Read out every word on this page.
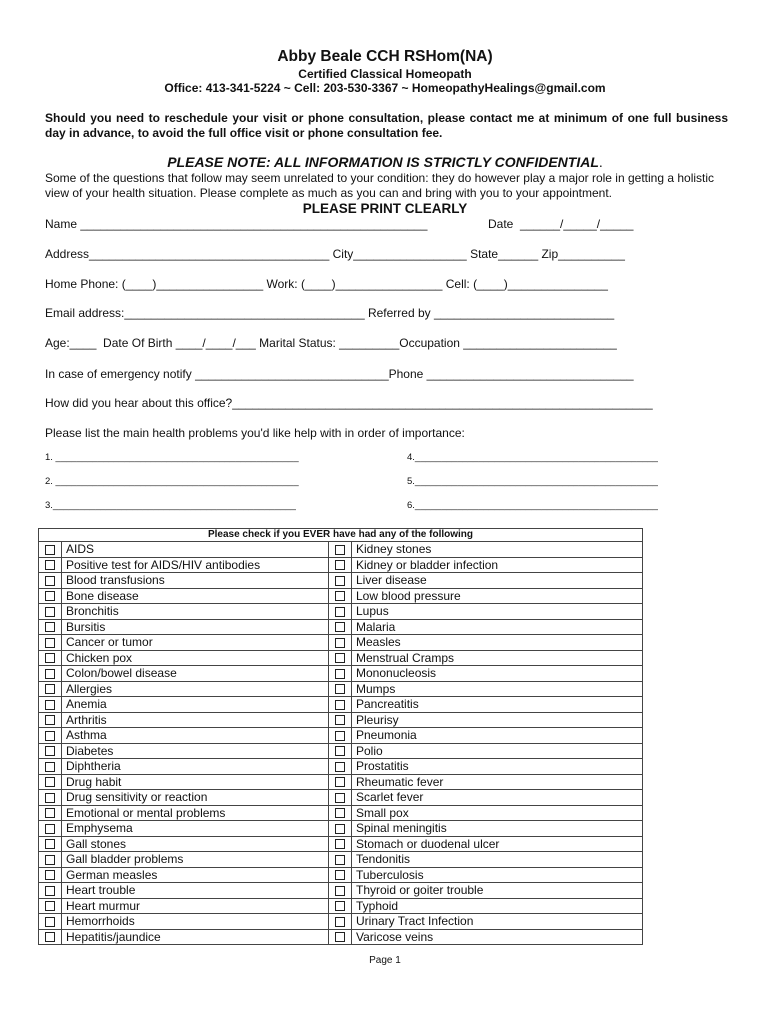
Abby Beale CCH RSHom(NA)
Certified Classical Homeopath
Office: 413-341-5224 ~ Cell: 203-530-3367 ~ HomeopathyHealings@gmail.com
Should you need to reschedule your visit or phone consultation, please contact me at minimum of one full business day in advance, to avoid the full office visit or phone consultation fee.
PLEASE NOTE: ALL INFORMATION IS STRICTLY CONFIDENTIAL.
Some of the questions that follow may seem unrelated to your condition: they do however play a major role in getting a holistic view of your health situation. Please complete as much as you can and bring with you to your appointment.
PLEASE PRINT CLEARLY
Name ____________________________________________________	Date  ______/_____/_____
Address____________________________________ City_________________ State______ Zip__________
Home Phone: (____)________________ Work: (____)________________ Cell: (____)_______________
Email address:____________________________________ Referred by ___________________________
Age:____  Date Of Birth ____/____/___ Marital Status: _________Occupation _______________________
In case of emergency notify _____________________________Phone _______________________________
How did you hear about this office?_______________________________________________________________
Please list the main health problems you'd like help with in order of importance:
1. ______________________________________________	4.______________________________________________
2. ______________________________________________	5.______________________________________________
3.______________________________________________	6.______________________________________________
Please check if you EVER have had any of the following			
	AIDS		Kidney stones
	Positive test for AIDS/HIV antibodies		Kidney or bladder infection
	Blood transfusions		Liver disease
	Bone disease		Low blood pressure
	Bronchitis		Lupus
	Bursitis		Malaria
	Cancer or tumor		Measles
	Chicken pox		Menstrual Cramps
	Colon/bowel disease		Mononucleosis
	Allergies		Mumps
	Anemia		Pancreatitis
	Arthritis		Pleurisy
	Asthma		Pneumonia
	Diabetes		Polio
	Diphtheria		Prostatitis
	Drug habit		Rheumatic fever
	Drug sensitivity or reaction		Scarlet fever
	Emotional or mental problems		Small pox
	Emphysema		Spinal meningitis
	Gall stones		Stomach or duodenal ulcer
	Gall bladder problems		Tendonitis
	German measles		Tuberculosis
	Heart trouble		Thyroid or goiter trouble
	Heart murmur		Typhoid
	Hemorrhoids		Urinary Tract Infection
	Hepatitis/jaundice		Varicose veins
Page 1
